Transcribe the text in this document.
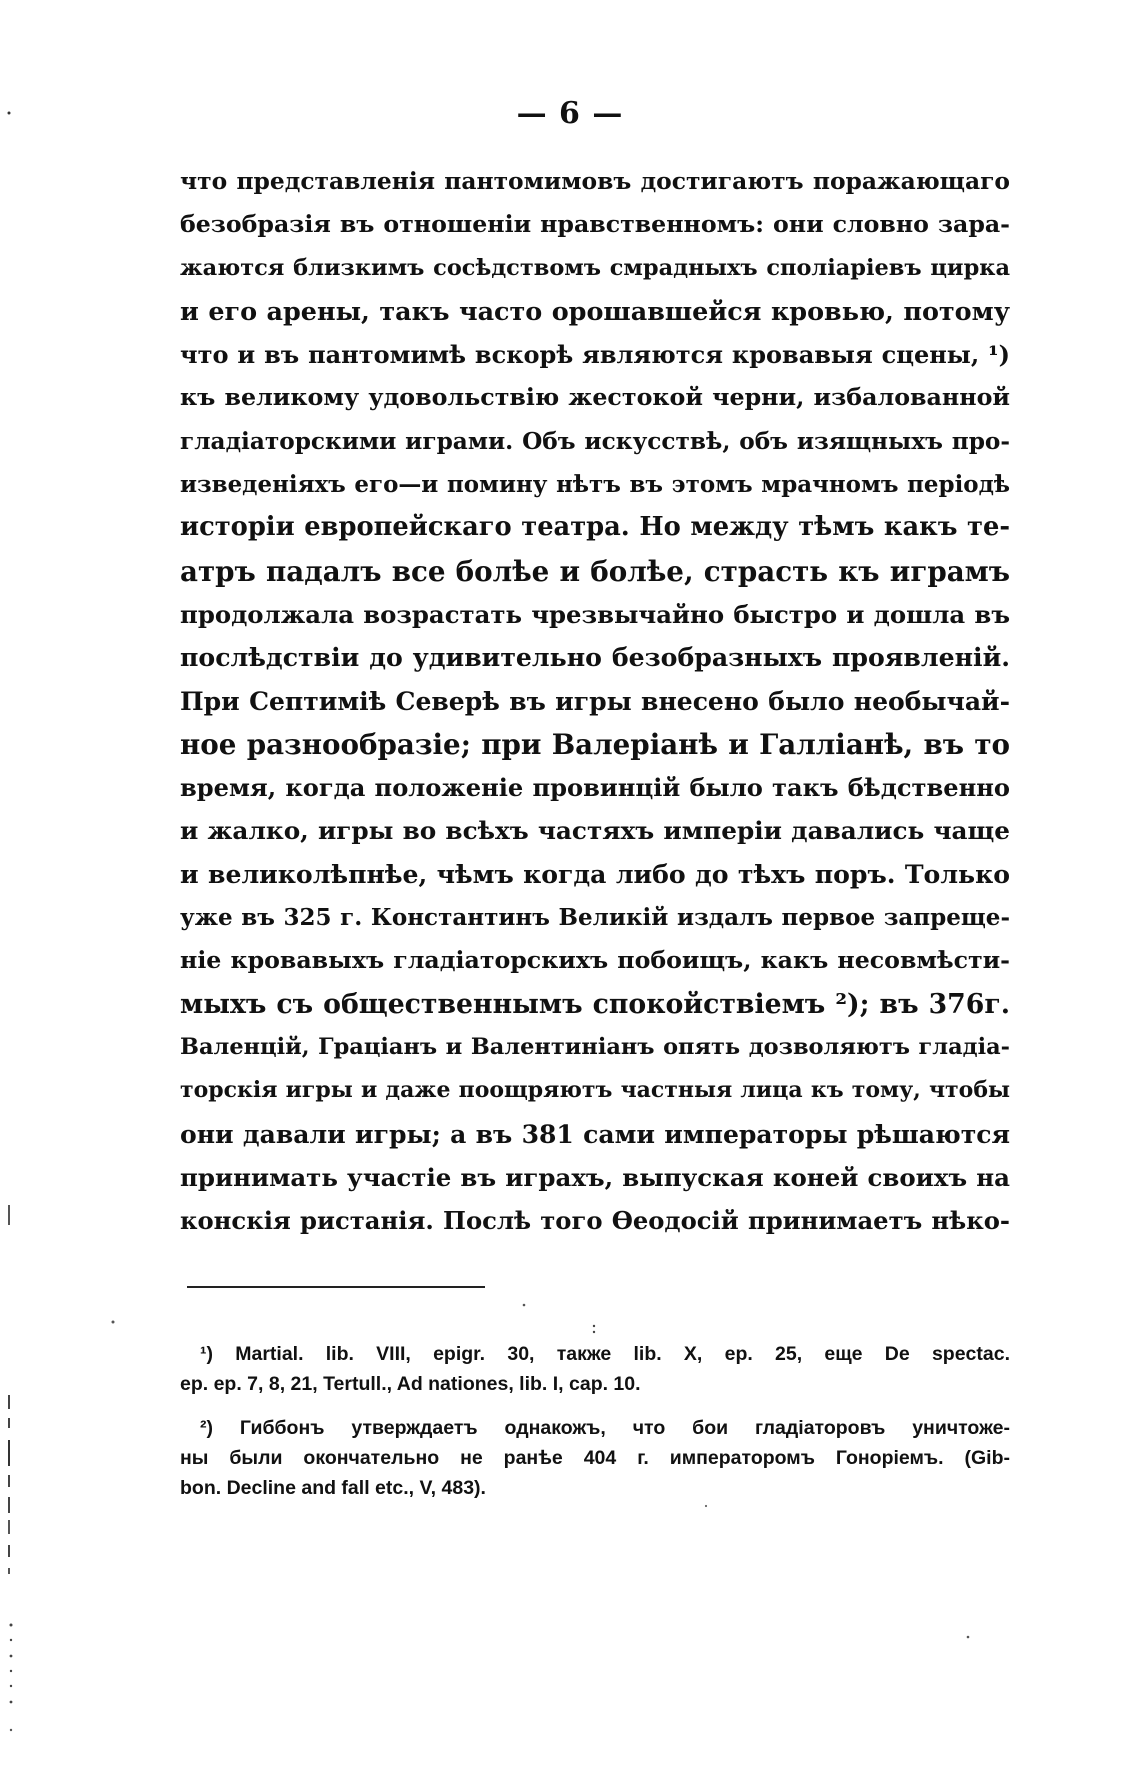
— 6 —
что представленія пантомимовъ достигаютъ поражающаго
безобразія въ отношеніи нравственномъ: они словно зара-
жаются близкимъ сосѣдствомъ смрадныхъ споліаріевъ цирка
и его арены, такъ часто орошавшейся кровью, потому
что и въ пантомимѣ вскорѣ являются кровавыя сцены, ¹)
къ великому удовольствію жестокой черни, избалованной
гладіаторскими играми. Объ искусствѣ, объ изящныхъ про-
изведеніяхъ его—и помину нѣтъ въ этомъ мрачномъ періодѣ
исторіи европейскаго театра. Но между тѣмъ какъ те-
атръ падалъ все болѣе и болѣе, страсть къ играмъ
продолжала возрастать чрезвычайно быстро и дошла въ
послѣдствіи до удивительно безобразныхъ проявленій.
При Септимiѣ Северѣ въ игры внесено было необычай-
ное разнообразіе; при Валеріанѣ и Галліанѣ, въ то
время, когда положеніе провинцій было такъ бѣдственно
и жалко, игры во всѣхъ частяхъ имперіи давались чаще
и великолѣпнѣе, чѣмъ когда либо до тѣхъ поръ. Только
уже въ 325 г. Константинъ Великій издалъ первое запреще-
ніе кровавыхъ гладіаторскихъ побоищъ, какъ несовмѣсти-
мыхъ съ общественнымъ спокойствіемъ ²); въ 376г.
Валенцій, Граціанъ и Валентиніанъ опять дозволяютъ гладіа-
торскія игры и даже поощряютъ частныя лица къ тому, чтобы
они давали игры; а въ 381 сами императоры рѣшаются
принимать участіе въ играхъ, выпуская коней своихъ на
конскія ристанія. Послѣ того Ѳеодосій принимаетъ нѣко-
¹) Martial. lib. VIII, epigr. 30, также lib. X, ep. 25, еще De spectac.
ep. ep. 7, 8, 21, Tertull., Ad nationes, lib. I, cap. 10.
²) Гиббонъ утверждаетъ однакожъ, что бои гладіаторовъ уничтоже-
ны были окончательно не ранѣе 404 г. императоромъ Гоноріемъ. (Gib-
bon. Decline and fall etc., V, 483).
